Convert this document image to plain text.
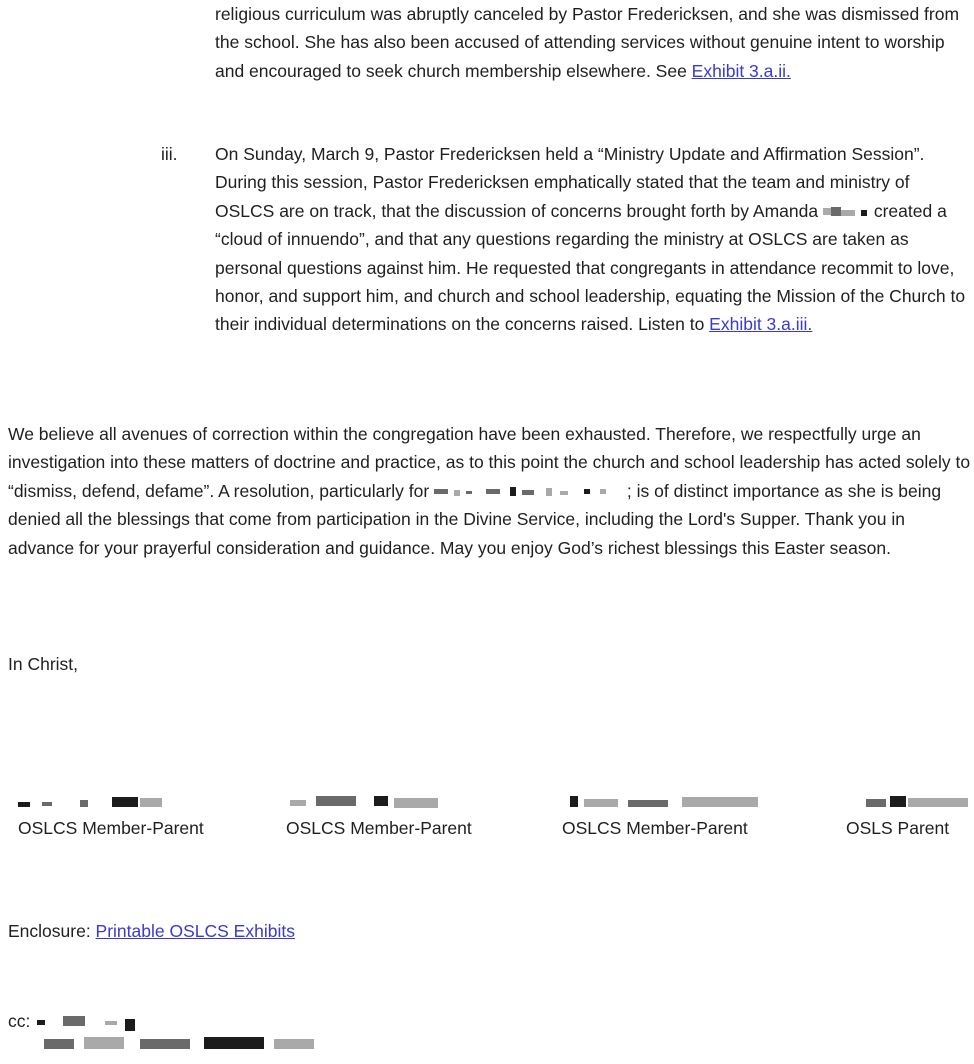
religious curriculum was abruptly canceled by Pastor Fredericksen, and she was dismissed from the school. She has also been accused of attending services without genuine intent to worship and encouraged to seek church membership elsewhere. See Exhibit 3.a.ii.
iii. On Sunday, March 9, Pastor Fredericksen held a “Ministry Update and Affirmation Session”. During this session, Pastor Fredericksen emphatically stated that the team and ministry of OSLCS are on track, that the discussion of concerns brought forth by Amanda	created a “cloud of innuendo”, and that any questions regarding the ministry at OSLCS are taken as personal questions against him. He requested that congregants in attendance recommit to love, honor, and support him, and church and school leadership, equating the Mission of the Church to their individual determinations on the concerns raised. Listen to Exhibit 3.a.iii.
We believe all avenues of correction within the congregation have been exhausted. Therefore, we respectfully urge an investigation into these matters of doctrine and practice, as to this point the church and school leadership has acted solely to “dismiss, defend, defame”. A resolution, particularly for	; is of distinct importance as she is being denied all the blessings that come from participation in the Divine Service, including the Lord's Supper. Thank you in advance for your prayerful consideration and guidance. May you enjoy God’s richest blessings this Easter season.
In Christ,
OSLCS Member-Parent	OSLCS Member-Parent	OSLCS Member-Parent	OSLS Parent
Enclosure: Printable OSLCS Exhibits
cc:
